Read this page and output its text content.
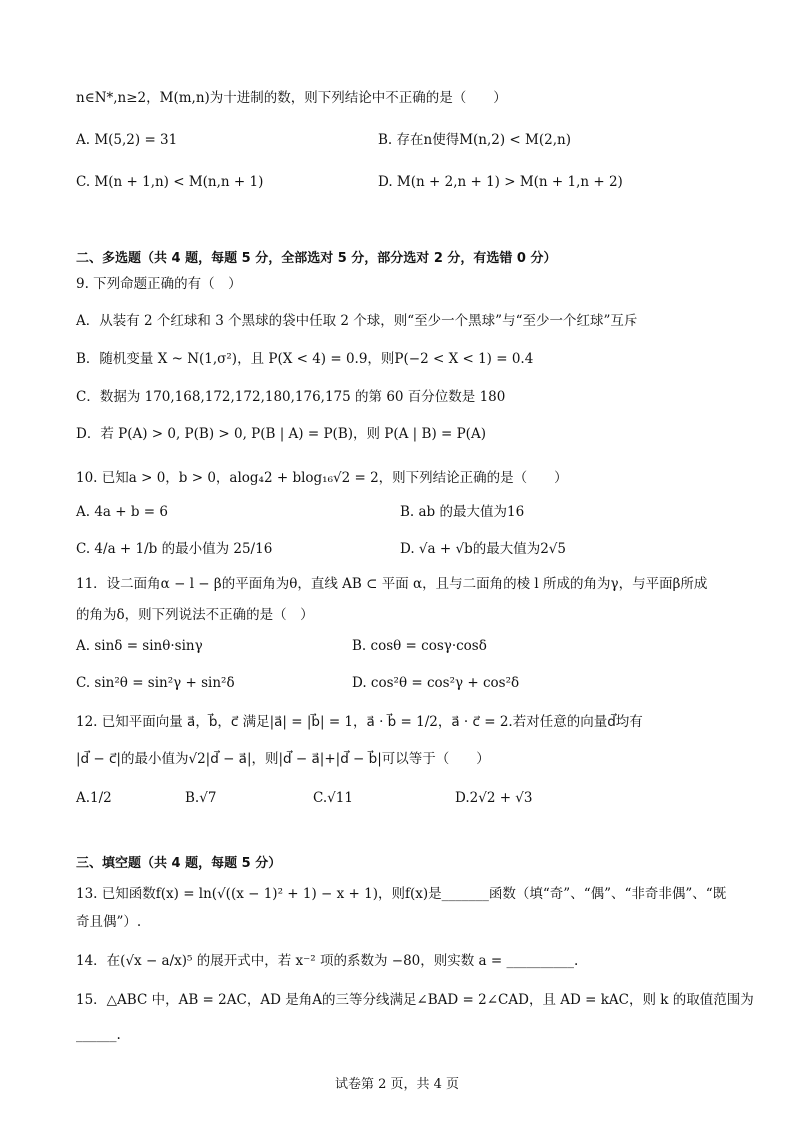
n∈N*,n≥2，M(m,n)为十进制的数，则下列结论中不正确的是（　　）
A. M(5,2) = 31	B. 存在n使得M(n,2) < M(2,n)
C. M(n + 1,n) < M(n,n + 1)	D. M(n + 2,n + 1) > M(n + 1,n + 2)
二、多选题（共 4 题，每题 5 分，全部选对 5 分，部分选对 2 分，有选错 0 分）
9. 下列命题正确的有（　）
A．从装有 2 个红球和 3 个黑球的袋中任取 2 个球，则“至少一个黑球”与“至少一个红球”互斥
B．随机变量 X ~ N(1,σ²)，且 P(X < 4) = 0.9，则P(−2 < X < 1) = 0.4
C．数据为 170,168,172,172,180,176,175 的第 60 百分位数是 180
D．若 P(A) > 0, P(B) > 0, P(B | A) = P(B)，则 P(A | B) = P(A)
10. 已知a > 0，b > 0，alog₄2 + blog₁₆√2 = 2，则下列结论正确的是（　　）
A. 4a + b = 6	B. ab 的最大值为16
C. 4/a + 1/b 的最小值为 25/16	D. √a + √b的最大值为2√5
11．设二面角α − l − β的平面角为θ，直线 AB ⊂ 平面 α，且与二面角的棱 l 所成的角为γ，与平面β所成
的角为δ，则下列说法不正确的是（　）
A. sinδ = sinθ·sinγ	B. cosθ = cosγ·cosδ
C. sin²θ = sin²γ + sin²δ	D. cos²θ = cos²γ + cos²δ
12. 已知平面向量 a⃗，b⃗，c⃗ 满足|a⃗| = |b⃗| = 1，a⃗ · b⃗ = 1/2，a⃗ · c⃗ = 2.若对任意的向量d⃗均有
|d⃗ − c⃗|的最小值为√2|d⃗ − a⃗|，则|d⃗ − a⃗|+|d⃗ − b⃗|可以等于（　　）
A.1/2	B.√7	C.√11	D.2√2 + √3
三、填空题（共 4 题，每题 5 分）
13. 已知函数f(x) = ln(√((x − 1)² + 1) − x + 1)，则f(x)是_______函数（填“奇”、“偶”、“非奇非偶”、“既
奇且偶”）.
14．在(√x − a/x)⁵ 的展开式中，若 x⁻² 项的系数为 −80，则实数 a = __________.
15．△ABC 中，AB = 2AC，AD 是角A的三等分线满足∠BAD = 2∠CAD，且 AD = kAC，则 k 的取值范围为
______.
试卷第 2 页，共 4 页
